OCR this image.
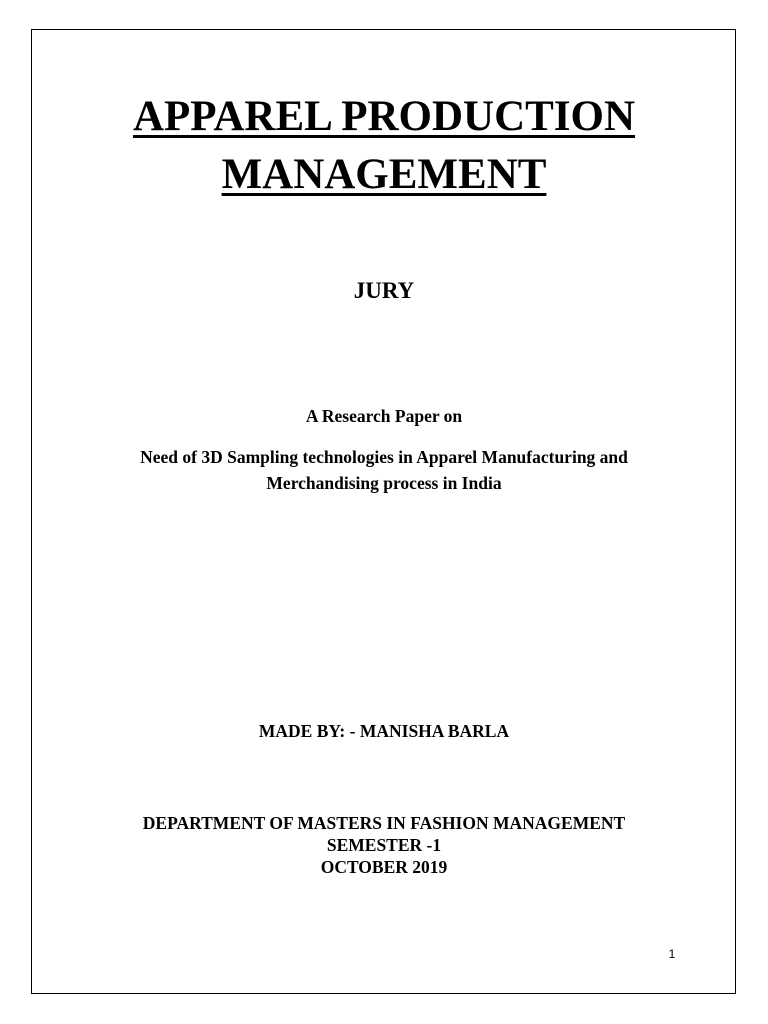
APPAREL PRODUCTION
MANAGEMENT
JURY

A Research Paper on

Need of 3D Sampling technologies in Apparel Manufacturing and
Merchandising process in India

MADE BY: - MANISHA BARLA

DEPARTMENT OF MASTERS IN FASHION MANAGEMENT
SEMESTER -1
OCTOBER 2019
1
